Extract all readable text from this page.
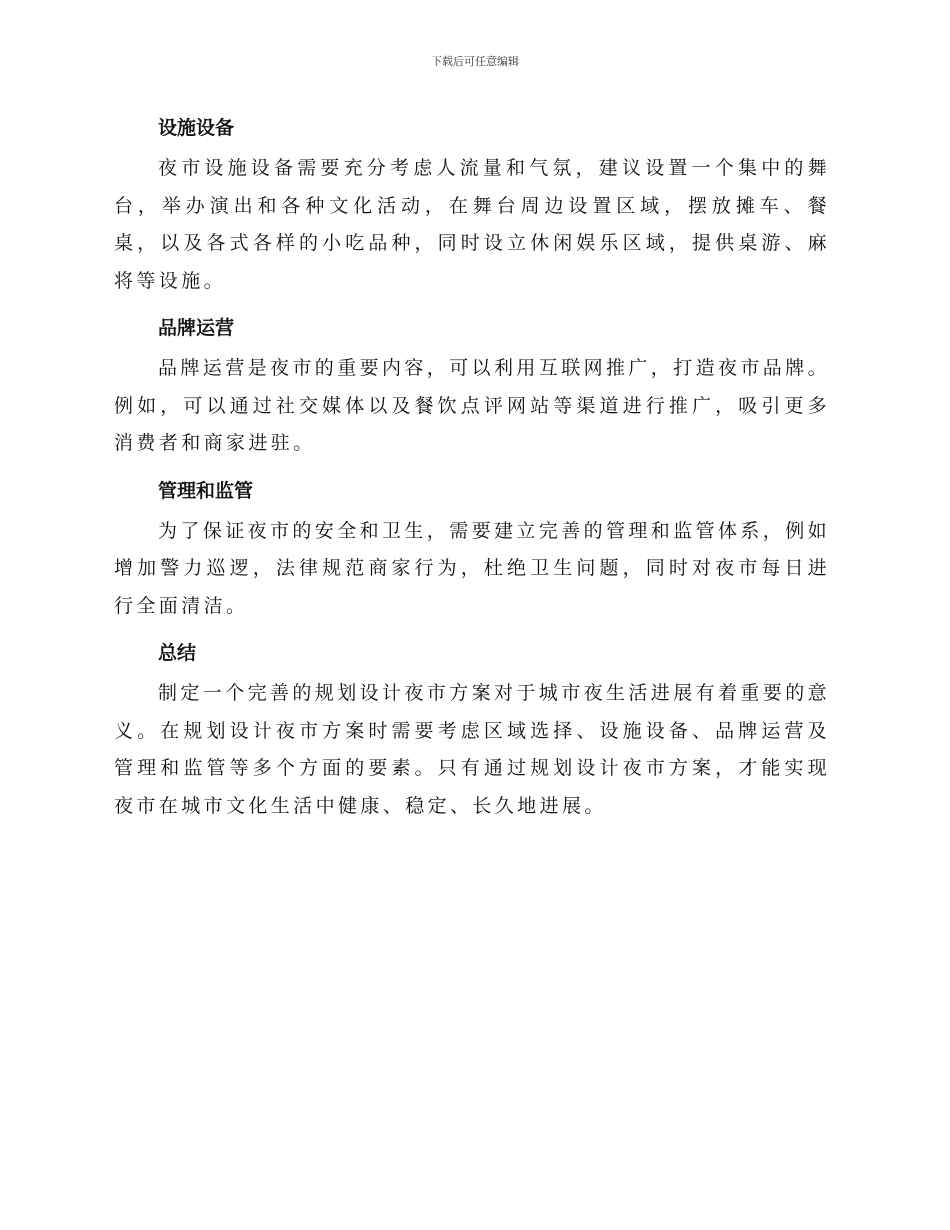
下载后可任意编辑
设施设备

夜市设施设备需要充分考虑人流量和气氛，建议设置一个集中的舞台，举办演出和各种文化活动，在舞台周边设置区域，摆放摊车、餐桌，以及各式各样的小吃品种，同时设立休闲娱乐区域，提供桌游、麻将等设施。

品牌运营

品牌运营是夜市的重要内容，可以利用互联网推广，打造夜市品牌。例如，可以通过社交媒体以及餐饮点评网站等渠道进行推广，吸引更多消费者和商家进驻。

管理和监管

为了保证夜市的安全和卫生，需要建立完善的管理和监管体系，例如增加警力巡逻，法律规范商家行为，杜绝卫生问题，同时对夜市每日进行全面清洁。

总结

制定一个完善的规划设计夜市方案对于城市夜生活进展有着重要的意义。在规划设计夜市方案时需要考虑区域选择、设施设备、品牌运营及管理和监管等多个方面的要素。只有通过规划设计夜市方案，才能实现夜市在城市文化生活中健康、稳定、长久地进展。
